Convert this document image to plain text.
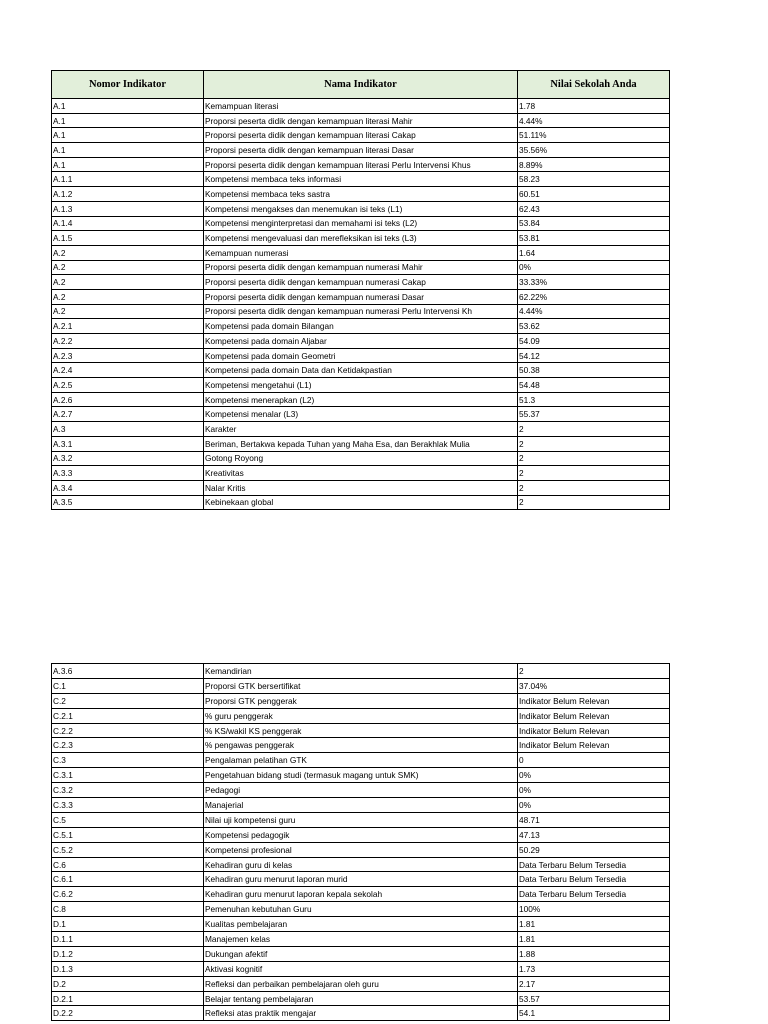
Nomor Indikator	Nama Indikator	Nilai Sekolah Anda
A.1	Kemampuan literasi	1.78
A.1	Proporsi peserta didik dengan kemampuan literasi Mahir	4.44%
A.1	Proporsi peserta didik dengan kemampuan literasi Cakap	51.11%
A.1	Proporsi peserta didik dengan kemampuan literasi Dasar	35.56%
A.1	Proporsi peserta didik dengan kemampuan literasi Perlu Intervensi Khus	8.89%
A.1.1	Kompetensi membaca teks informasi	58.23
A.1.2	Kompetensi membaca teks sastra	60.51
A.1.3	Kompetensi mengakses dan menemukan isi teks (L1)	62.43
A.1.4	Kompetensi menginterpretasi dan memahami isi teks (L2)	53.84
A.1.5	Kompetensi mengevaluasi dan merefleksikan isi teks (L3)	53.81
A.2	Kemampuan numerasi	1.64
A.2	Proporsi peserta didik dengan kemampuan numerasi Mahir	0%
A.2	Proporsi peserta didik dengan kemampuan numerasi Cakap	33.33%
A.2	Proporsi peserta didik dengan kemampuan numerasi Dasar	62.22%
A.2	Proporsi peserta didik dengan kemampuan numerasi Perlu Intervensi Kh	4.44%
A.2.1	Kompetensi pada domain Bilangan	53.62
A.2.2	Kompetensi pada domain Aljabar	54.09
A.2.3	Kompetensi pada domain Geometri	54.12
A.2.4	Kompetensi pada domain Data dan Ketidakpastian	50.38
A.2.5	Kompetensi mengetahui (L1)	54.48
A.2.6	Kompetensi menerapkan (L2)	51.3
A.2.7	Kompetensi menalar (L3)	55.37
A.3	Karakter	2
A.3.1	Beriman, Bertakwa kepada Tuhan yang Maha Esa, dan Berakhlak Mulia	2
A.3.2	Gotong Royong	2
A.3.3	Kreativitas	2
A.3.4	Nalar Kritis	2
A.3.5	Kebinekaan global	2
A.3.6	Kemandirian	2
C.1	Proporsi GTK bersertifikat	37.04%
C.2	Proporsi GTK penggerak	Indikator Belum Relevan
C.2.1	% guru penggerak	Indikator Belum Relevan
C.2.2	% KS/wakil KS penggerak	Indikator Belum Relevan
C.2.3	% pengawas penggerak	Indikator Belum Relevan
C.3	Pengalaman pelatihan GTK	0
C.3.1	Pengetahuan bidang studi (termasuk magang untuk SMK)	0%
C.3.2	Pedagogi	0%
C.3.3	Manajerial	0%
C.5	Nilai uji kompetensi guru	48.71
C.5.1	Kompetensi pedagogik	47.13
C.5.2	Kompetensi profesional	50.29
C.6	Kehadiran guru di kelas	Data Terbaru Belum Tersedia
C.6.1	Kehadiran guru menurut laporan murid	Data Terbaru Belum Tersedia
C.6.2	Kehadiran guru menurut laporan kepala sekolah	Data Terbaru Belum Tersedia
C.8	Pemenuhan kebutuhan Guru	100%
D.1	Kualitas pembelajaran	1.81
D.1.1	Manajemen kelas	1.81
D.1.2	Dukungan afektif	1.88
D.1.3	Aktivasi kognitif	1.73
D.2	Refleksi dan perbaikan pembelajaran oleh guru	2.17
D.2.1	Belajar tentang pembelajaran	53.57
D.2.2	Refleksi atas praktik mengajar	54.1
